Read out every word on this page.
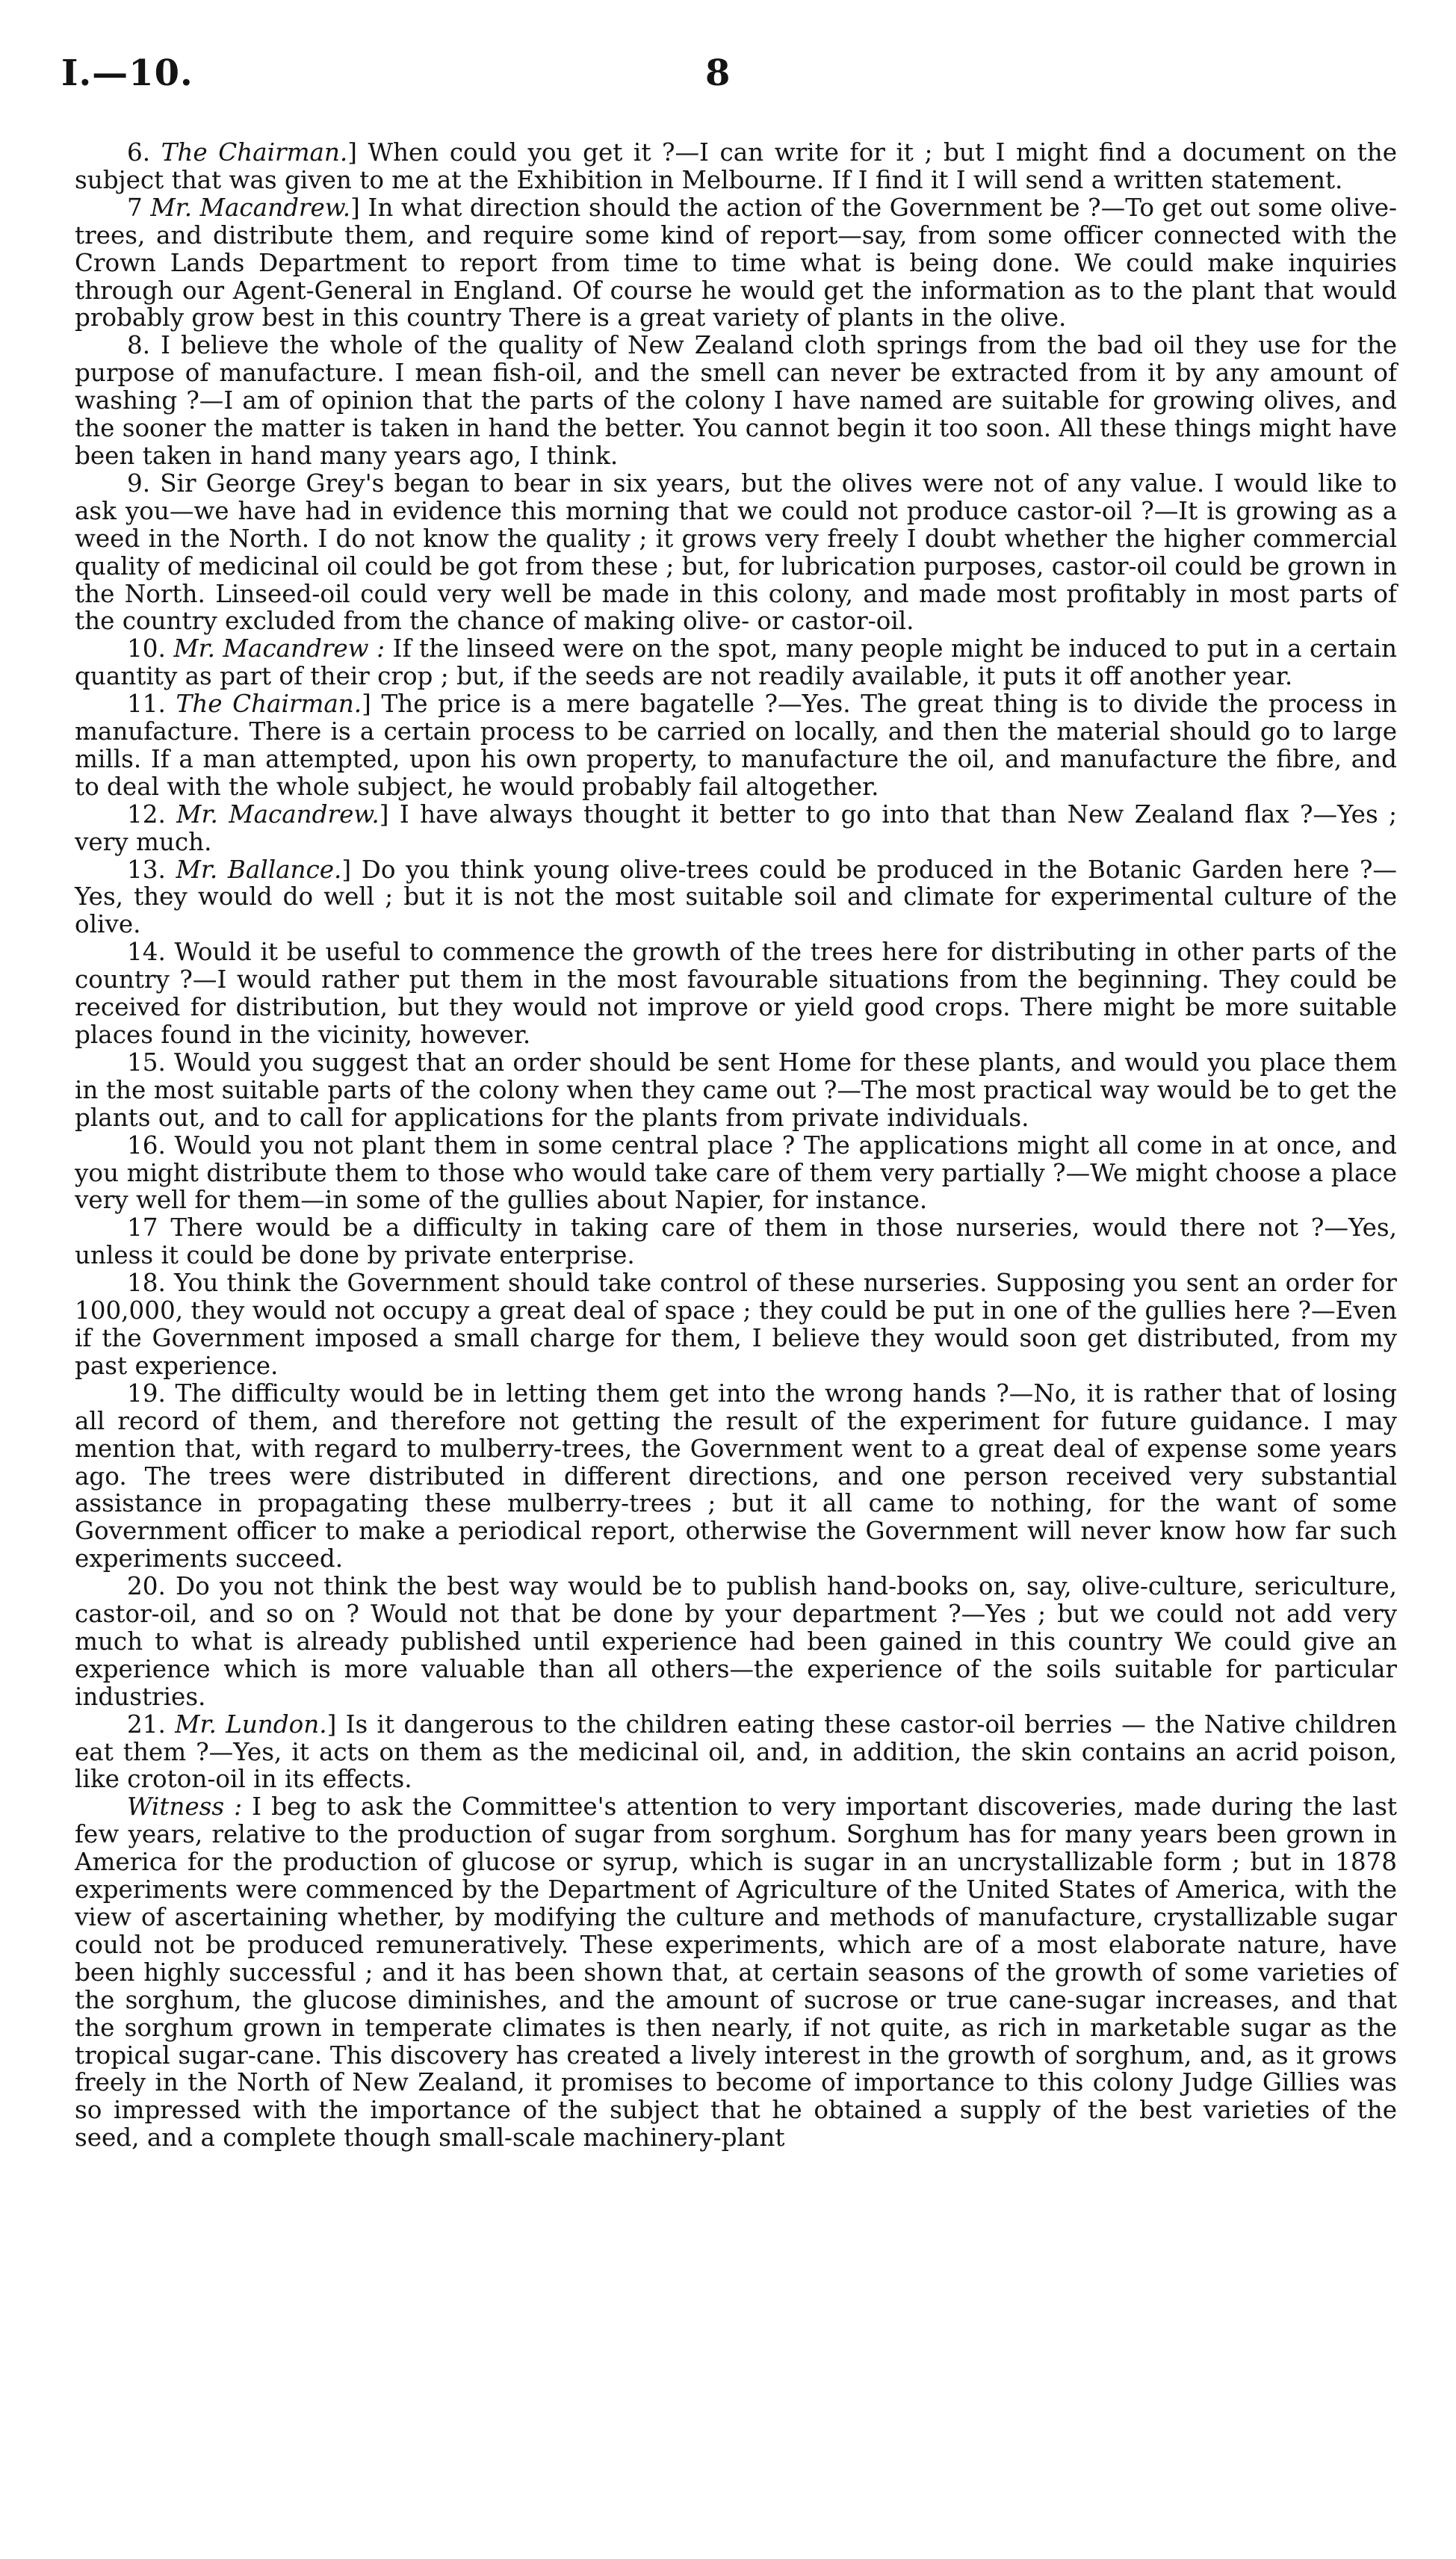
I.—10.	8

6. The Chairman.] When could you get it ?—I can write for it ; but I might find a document on the subject that was given to me at the Exhibition in Melbourne. If I find it I will send a written statement.

7 Mr. Macandrew.] In what direction should the action of the Government be ?—To get out some olive-trees, and distribute them, and require some kind of report—say, from some officer connected with the Crown Lands Department to report from time to time what is being done. We could make inquiries through our Agent-General in England. Of course he would get the information as to the plant that would probably grow best in this country There is a great variety of plants in the olive.

8. I believe the whole of the quality of New Zealand cloth springs from the bad oil they use for the purpose of manufacture. I mean fish-oil, and the smell can never be extracted from it by any amount of washing ?—I am of opinion that the parts of the colony I have named are suitable for growing olives, and the sooner the matter is taken in hand the better. You cannot begin it too soon. All these things might have been taken in hand many years ago, I think.

9. Sir George Grey's began to bear in six years, but the olives were not of any value. I would like to ask you—we have had in evidence this morning that we could not produce castor-oil ?—It is growing as a weed in the North. I do not know the quality ; it grows very freely I doubt whether the higher commercial quality of medicinal oil could be got from these ; but, for lubrication purposes, castor-oil could be grown in the North. Linseed-oil could very well be made in this colony, and made most profitably in most parts of the country excluded from the chance of making olive- or castor-oil.

10. Mr. Macandrew : If the linseed were on the spot, many people might be induced to put in a certain quantity as part of their crop ; but, if the seeds are not readily available, it puts it off another year.

11. The Chairman.] The price is a mere bagatelle ?—Yes. The great thing is to divide the process in manufacture. There is a certain process to be carried on locally, and then the material should go to large mills. If a man attempted, upon his own property, to manufacture the oil, and manufacture the fibre, and to deal with the whole subject, he would probably fail altogether.

12. Mr. Macandrew.] I have always thought it better to go into that than New Zealand flax ?—Yes ; very much.

13. Mr. Ballance.] Do you think young olive-trees could be produced in the Botanic Garden here ?—Yes, they would do well ; but it is not the most suitable soil and climate for experimental culture of the olive.

14. Would it be useful to commence the growth of the trees here for distributing in other parts of the country ?—I would rather put them in the most favourable situations from the beginning. They could be received for distribution, but they would not improve or yield good crops. There might be more suitable places found in the vicinity, however.

15. Would you suggest that an order should be sent Home for these plants, and would you place them in the most suitable parts of the colony when they came out ?—The most practical way would be to get the plants out, and to call for applications for the plants from private individuals.

16. Would you not plant them in some central place ? The applications might all come in at once, and you might distribute them to those who would take care of them very partially ?—We might choose a place very well for them—in some of the gullies about Napier, for instance.

17 There would be a difficulty in taking care of them in those nurseries, would there not ?—Yes, unless it could be done by private enterprise.

18. You think the Government should take control of these nurseries. Supposing you sent an order for 100,000, they would not occupy a great deal of space ; they could be put in one of the gullies here ?—Even if the Government imposed a small charge for them, I believe they would soon get distributed, from my past experience.

19. The difficulty would be in letting them get into the wrong hands ?—No, it is rather that of losing all record of them, and therefore not getting the result of the experiment for future guidance. I may mention that, with regard to mulberry-trees, the Government went to a great deal of expense some years ago. The trees were distributed in different directions, and one person received very substantial assistance in propagating these mulberry-trees ; but it all came to nothing, for the want of some Government officer to make a periodical report, otherwise the Government will never know how far such experiments succeed.

20. Do you not think the best way would be to publish hand-books on, say, olive-culture, sericulture, castor-oil, and so on ? Would not that be done by your department ?—Yes ; but we could not add very much to what is already published until experience had been gained in this country We could give an experience which is more valuable than all others—the experience of the soils suitable for particular industries.

21. Mr. Lundon.] Is it dangerous to the children eating these castor-oil berries — the Native children eat them ?—Yes, it acts on them as the medicinal oil, and, in addition, the skin contains an acrid poison, like croton-oil in its effects.

Witness : I beg to ask the Committee's attention to very important discoveries, made during the last few years, relative to the production of sugar from sorghum. Sorghum has for many years been grown in America for the production of glucose or syrup, which is sugar in an uncrystallizable form ; but in 1878 experiments were commenced by the Department of Agriculture of the United States of America, with the view of ascertaining whether, by modifying the culture and methods of manufacture, crystallizable sugar could not be produced remuneratively. These experiments, which are of a most elaborate nature, have been highly successful ; and it has been shown that, at certain seasons of the growth of some varieties of the sorghum, the glucose diminishes, and the amount of sucrose or true cane-sugar increases, and that the sorghum grown in temperate climates is then nearly, if not quite, as rich in marketable sugar as the tropical sugar-cane. This discovery has created a lively interest in the growth of sorghum, and, as it grows freely in the North of New Zealand, it promises to become of importance to this colony Judge Gillies was so impressed with the importance of the subject that he obtained a supply of the best varieties of the seed, and a complete though small-scale machinery-plant
